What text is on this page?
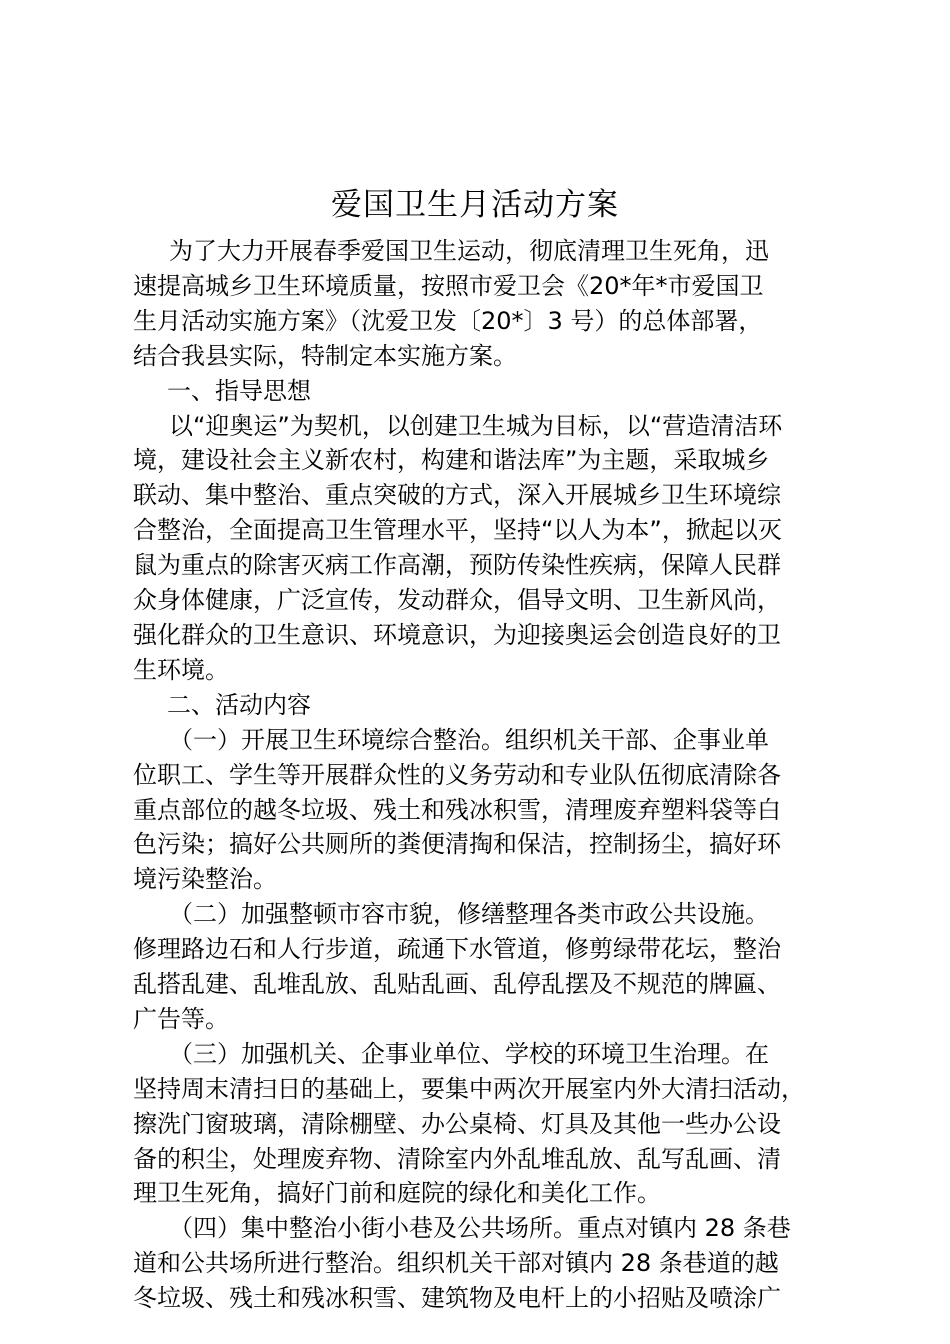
爱国卫生月活动方案

为了大力开展春季爱国卫生运动，彻底清理卫生死角，迅
速提高城乡卫生环境质量，按照市爱卫会《20*年*市爱国卫
生月活动实施方案》（沈爱卫发〔20*〕3 号）的总体部署，
结合我县实际，特制定本实施方案。

一、指导思想

以“迎奥运”为契机，以创建卫生城为目标，以“营造清洁环
境，建设社会主义新农村，构建和谐法库”为主题，采取城乡
联动、集中整治、重点突破的方式，深入开展城乡卫生环境综
合整治，全面提高卫生管理水平，坚持“以人为本”，掀起以灭
鼠为重点的除害灭病工作高潮，预防传染性疾病，保障人民群
众身体健康，广泛宣传，发动群众，倡导文明、卫生新风尚，
强化群众的卫生意识、环境意识，为迎接奥运会创造良好的卫
生环境。

二、活动内容

（一）开展卫生环境综合整治。组织机关干部、企事业单
位职工、学生等开展群众性的义务劳动和专业队伍彻底清除各
重点部位的越冬垃圾、残土和残冰积雪，清理废弃塑料袋等白
色污染；搞好公共厕所的粪便清掏和保洁，控制扬尘，搞好环
境污染整治。

（二）加强整顿市容市貌，修缮整理各类市政公共设施。
修理路边石和人行步道，疏通下水管道，修剪绿带花坛，整治
乱搭乱建、乱堆乱放、乱贴乱画、乱停乱摆及不规范的牌匾、
广告等。

（三）加强机关、企事业单位、学校的环境卫生治理。在
坚持周末清扫日的基础上，要集中两次开展室内外大清扫活动，
擦洗门窗玻璃，清除棚壁、办公桌椅、灯具及其他一些办公设
备的积尘，处理废弃物、清除室内外乱堆乱放、乱写乱画、清
理卫生死角，搞好门前和庭院的绿化和美化工作。

（四）集中整治小街小巷及公共场所。重点对镇内 28 条巷
道和公共场所进行整治。组织机关干部对镇内 28 条巷道的越
冬垃圾、残土和残冰积雪、建筑物及电杆上的小招贴及喷涂广
